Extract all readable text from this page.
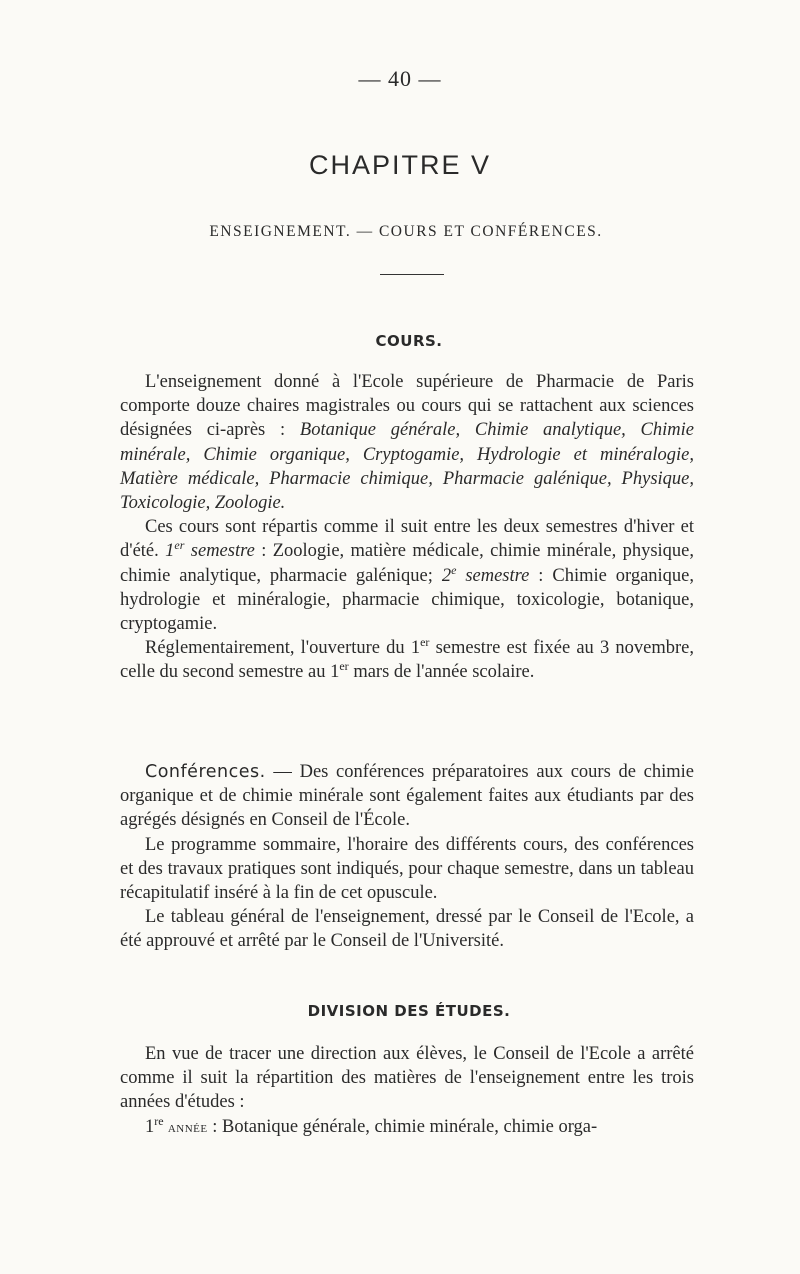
— 40 —
CHAPITRE V
ENSEIGNEMENT. — COURS ET CONFÉRENCES.
COURS.

L'enseignement donné à l'Ecole supérieure de Pharmacie de Paris comporte douze chaires magistrales ou cours qui se rattachent aux sciences désignées ci-après : Botanique générale, Chimie analytique, Chimie minérale, Chimie organique, Cryptogamie, Hydrologie et minéralogie, Matière médicale, Pharmacie chimique, Pharmacie galénique, Physique, Toxicologie, Zoologie.

Ces cours sont répartis comme il suit entre les deux semestres d'hiver et d'été. 1er semestre : Zoologie, matière médicale, chimie minérale, physique, chimie analytique, pharmacie galénique; 2e semestre : Chimie organique, hydrologie et minéralogie, pharmacie chimique, toxicologie, botanique, cryptogamie.

Réglementairement, l'ouverture du 1er semestre est fixée au 3 novembre, celle du second semestre au 1er mars de l'année scolaire.

Conférences. — Des conférences préparatoires aux cours de chimie organique et de chimie minérale sont également faites aux étudiants par des agrégés désignés en Conseil de l'École.

Le programme sommaire, l'horaire des différents cours, des conférences et des travaux pratiques sont indiqués, pour chaque semestre, dans un tableau récapitulatif inséré à la fin de cet opuscule.

Le tableau général de l'enseignement, dressé par le Conseil de l'Ecole, a été approuvé et arrêté par le Conseil de l'Université.

DIVISION DES ÉTUDES.

En vue de tracer une direction aux élèves, le Conseil de l'Ecole a arrêté comme il suit la répartition des matières de l'enseignement entre les trois années d'études :

1re année : Botanique générale, chimie minérale, chimie orga-
